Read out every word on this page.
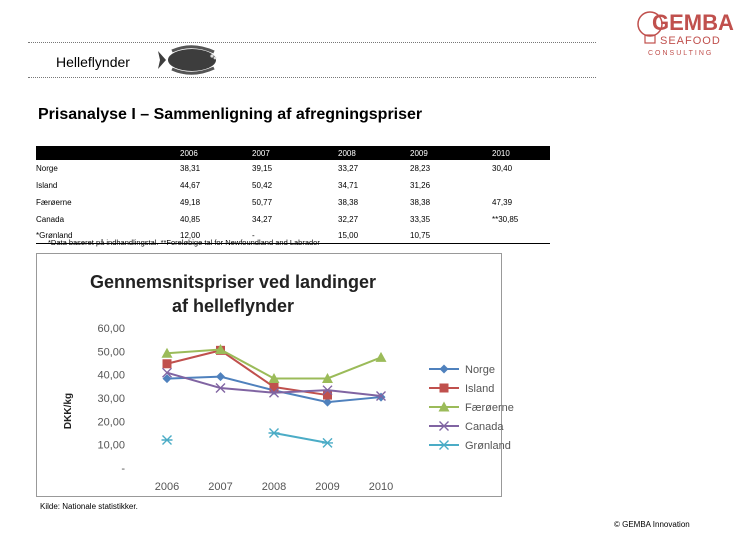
Helleflynder
GEMBA
SEAFOOD
CONSULTING
Prisanalyse I – Sammenligning af afregningspriser
	2006	2007	2008	2009	2010
Norge	38,31	39,15	33,27	28,23	30,40
Island	44,67	50,42	34,71	31,26	
Færøerne	49,18	50,77	38,38	38,38	47,39
Canada	40,85	34,27	32,27	33,35	**30,85
*Grønland	12,00	-	15,00	10,75	
*Data baseret på indhandlingstal. **Foreløbige tal for Newfoundland and Labrador
Gennemsnitspriser ved landinger
af helleflynder
DKK/kg
60,00
50,00
40,00
30,00
20,00
10,00
-
2006	2007	2008	2009	2010
Norge
Island
Færøerne
Canada
Grønland
Kilde: Nationale statistikker.
© GEMBA Innovation
